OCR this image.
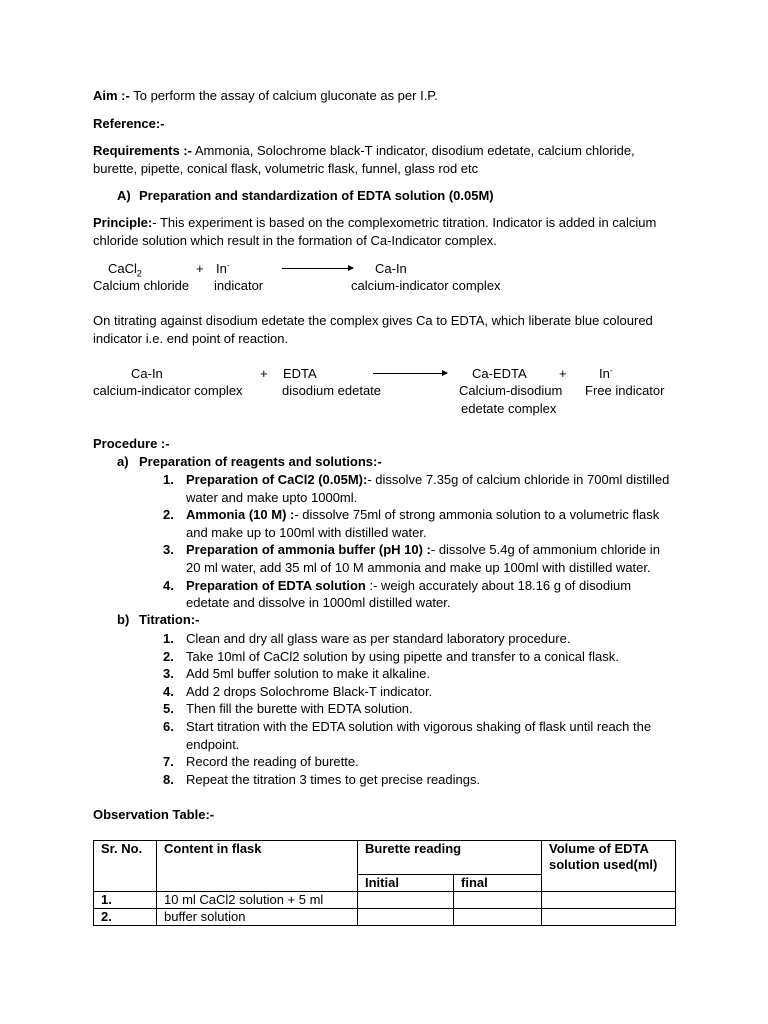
Aim :- To perform the assay of calcium gluconate as per I.P.
Reference:-
Requirements :- Ammonia, Solochrome black-T indicator, disodium edetate, calcium chloride,
burette, pipette, conical flask, volumetric flask, funnel, glass rod etc
A) Preparation and standardization of EDTA solution (0.05M)
Principle:- This experiment is based on the complexometric titration. Indicator is added in calcium
chloride solution which result in the formation of Ca-Indicator complex.
CaCl$_2$	+ In-	Ca-In
Calcium chloride indicator	calcium-indicator complex
On titrating against disodium edetate the complex gives Ca to EDTA, which liberate blue coloured
indicator i.e. end point of reaction.
Ca-In	+ EDTA	Ca-EDTA + In-
calcium-indicator complex	disodium edetate	Calcium-disodium Free indicator
edetate complex
Procedure :-
a) Preparation of reagents and solutions:-
1. Preparation of CaCl2 (0.05M):- dissolve 7.35g of calcium chloride in 700ml distilled water and make upto 1000ml.
2. Ammonia (10 M) :- dissolve 75ml of strong ammonia solution to a volumetric flask and make up to 100ml with distilled water.
3. Preparation of ammonia buffer (pH 10) :- dissolve 5.4g of ammonium chloride in 20 ml water, add 35 ml of 10 M ammonia and make up 100ml with distilled water.
4. Preparation of EDTA solution :- weigh accurately about 18.16 g of disodium edetate and dissolve in 1000ml distilled water.
b) Titration:-
1. Clean and dry all glass ware as per standard laboratory procedure.
2. Take 10ml of CaCl2 solution by using pipette and transfer to a conical flask.
3. Add 5ml buffer solution to make it alkaline.
4. Add 2 drops Solochrome Black-T indicator.
5. Then fill the burette with EDTA solution.
6. Start titration with the EDTA solution with vigorous shaking of flask until reach the endpoint.
7. Record the reading of burette.
8. Repeat the titration 3 times to get precise readings.
Observation Table:-
Sr. No.	Content in flask	Burette reading		Volume of EDTA solution used(ml)
		Initial	final	
1.	10 ml CaCl2 solution + 5 ml			
2.	buffer solution			
